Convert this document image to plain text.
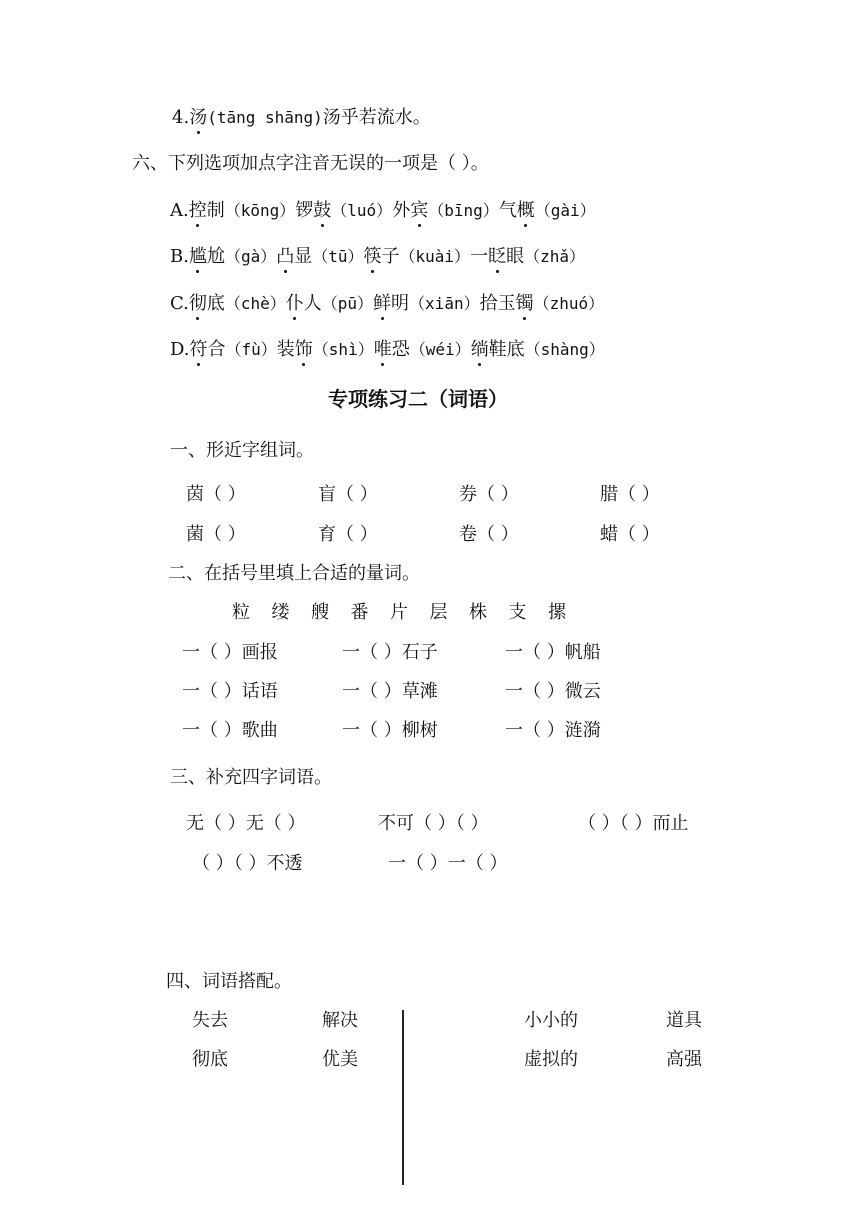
4.汤(tāng shāng)汤乎若流水。
六、下列选项加点字注音无误的一项是（ ）。
A.控制（kōng）锣鼓（luó）外宾（bīng）气概（gài）
B.尴尬（gà）凸显（tū）筷子（kuài）一眨眼（zhǎ）
C.彻底（chè）仆人（pū）鲜明（xiān）拾玉镯（zhuó）
D.符合（fù）装饰（shì）唯恐（wéi）绱鞋底（shàng）
专项练习二（词语）
一、形近字组词。
茵（ ）	盲（ ）	券（ ）	腊（ ）
菌（ ）	育（ ）	卷（ ）	蜡（ ）
二、在括号里填上合适的量词。
粒 缕 艘 番 片 层 株 支 摞
一（ ）画报	一（ ）石子	一（ ）帆船
一（ ）话语	一（ ）草滩	一（ ）微云
一（ ）歌曲	一（ ）柳树	一（ ）涟漪
三、补充四字词语。
无（ ）无（ ）	不可（ ）（ ）	（ ）（ ）而止
（ ）（ ）不透	一（ ）一（ ）
四、词语搭配。
失去	解决
彻底	优美
小小的	道具
虚拟的	高强
